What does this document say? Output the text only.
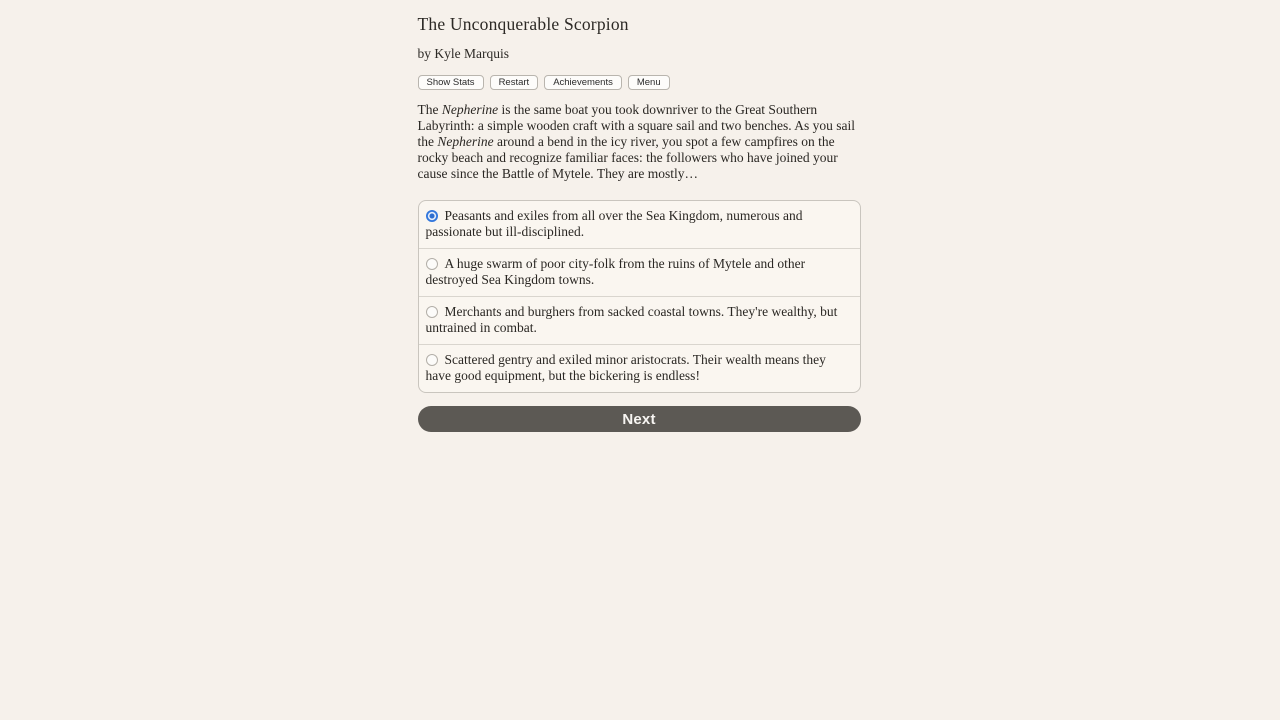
The Unconquerable Scorpion
by Kyle Marquis
Show Stats	Restart	Achievements	Menu

The Nepherine is the same boat you took downriver to the Great Southern Labyrinth: a simple wooden craft with a square sail and two benches. As you sail the Nepherine around a bend in the icy river, you spot a few campfires on the rocky beach and recognize familiar faces: the followers who have joined your cause since the Battle of Mytele. They are mostly…

Peasants and exiles from all over the Sea Kingdom, numerous and passionate but ill-disciplined.
A huge swarm of poor city-folk from the ruins of Mytele and other destroyed Sea Kingdom towns.
Merchants and burghers from sacked coastal towns. They're wealthy, but untrained in combat.
Scattered gentry and exiled minor aristocrats. Their wealth means they have good equipment, but the bickering is endless!
Next
